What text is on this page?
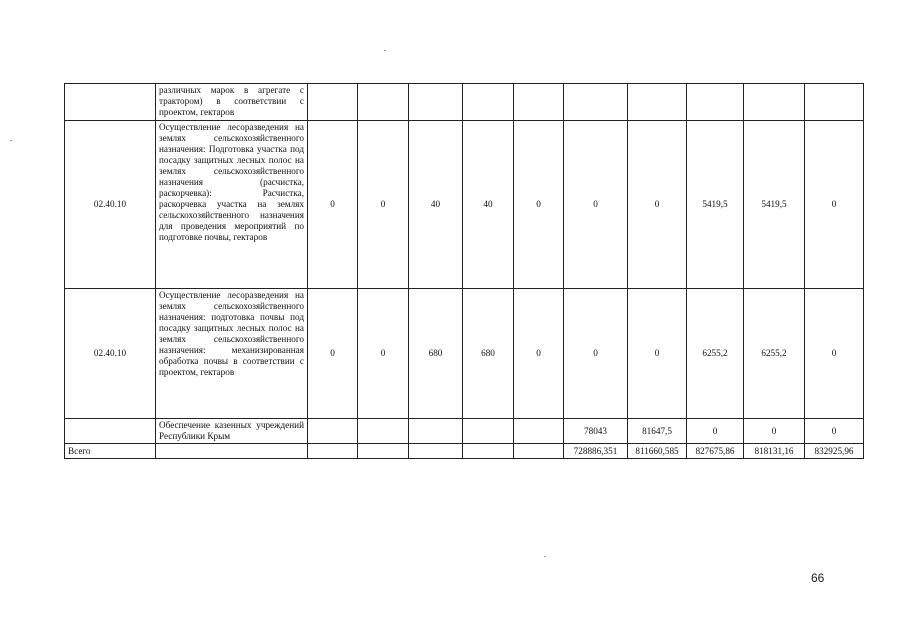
	различных марок в агрегате с трактором) в соответствии с проектом, гектаров										
02.40.10	Осуществление лесоразведения на землях сельскохозяйственного назначения: Подготовка участка под посадку защитных лесных полос на землях сельскохозяйственного назначения (расчистка, раскорчевка): Расчистка, раскорчевка участка на землях сельскохозяйственного назначения для проведения мероприятий по подготовке почвы, гектаров	0	0	40	40	0	0	0	5419,5	5419,5	0
02.40.10	Осуществление лесоразведения на землях сельскохозяйственного назначения: подготовка почвы под посадку защитных лесных полос на землях сельскохозяйственного назначения: механизированная обработка почвы в соответствии с проектом, гектаров	0	0	680	680	0	0	0	6255,2	6255,2	0
	Обеспечение казенных учреждений Республики Крым						78043	81647,5	0	0	0
Всего							728886,351	811660,585	827675,86	818131,16	832925,96
66
